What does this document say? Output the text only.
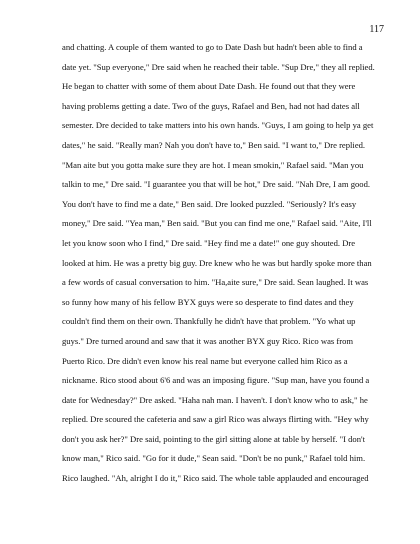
117
and chatting. A couple of them wanted to go to Date Dash but hadn't been able to find a
date yet. "Sup everyone," Dre said when he reached their table. "Sup Dre," they all replied.
He began to chatter with some of them about Date Dash. He found out that they were
having problems getting a date. Two of the guys, Rafael and Ben, had not had dates all
semester. Dre decided to take matters into his own hands. "Guys, I am going to help ya get
dates," he said. "Really man? Nah you don't have to," Ben said. "I want to," Dre replied.
"Man aite but you gotta make sure they are hot. I mean smokin," Rafael said. "Man you
talkin to me," Dre said. "I guarantee you that will be hot," Dre said. "Nah Dre, I am good.
You don't have to find me a date," Ben said. Dre looked puzzled. "Seriously? It's easy
money," Dre said. "Yea man," Ben said. "But you can find me one," Rafael said. "Aite, I'll
let you know soon who I find," Dre said. "Hey find me a date!" one guy shouted. Dre
looked at him. He was a pretty big guy. Dre knew who he was but hardly spoke more than
a few words of casual conversation to him. "Ha,aite sure," Dre said. Sean laughed. It was
so funny how many of his fellow BYX guys were so desperate to find dates and they
couldn't find them on their own. Thankfully he didn't have that problem. "Yo what up
guys." Dre turned around and saw that it was another BYX guy Rico. Rico was from
Puerto Rico. Dre didn't even know his real name but everyone called him Rico as a
nickname. Rico stood about 6'6 and was an imposing figure. "Sup man, have you found a
date for Wednesday?" Dre asked. "Haha nah man. I haven't. I don't know who to ask," he
replied. Dre scoured the cafeteria and saw a girl Rico was always flirting with. "Hey why
don't you ask her?" Dre said, pointing to the girl sitting alone at table by herself. "I don't
know man," Rico said. "Go for it dude," Sean said. "Don't be no punk," Rafael told him.
Rico laughed. "Ah, alright I do it," Rico said. The whole table applauded and encouraged
